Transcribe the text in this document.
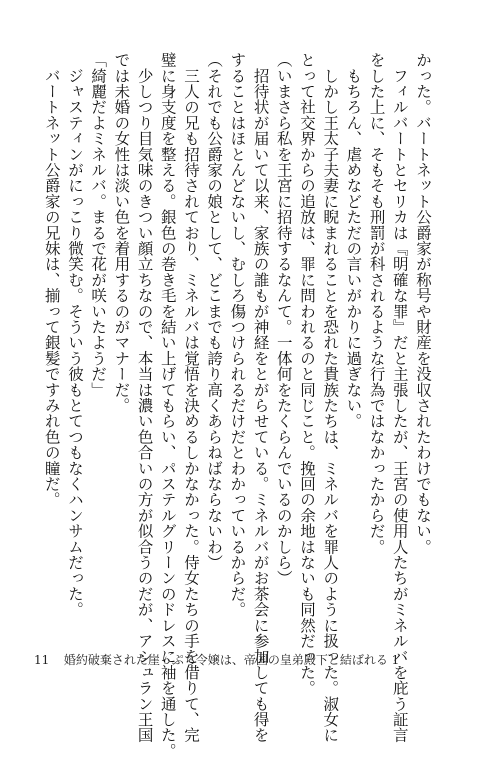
かった。バートネット公爵家が称号や財産を没収されたわけでもない。
　フィルバートとセリカは『明確な罪』だと主張したが、王宮の使用人たちがミネルバを庇う証言
をした上に、そもそも刑罰が科されるような行為ではなかったからだ。
　もちろん、虐めなどただの言いがかりに過ぎない。
　しかし王太子夫妻に睨まれることを恐れた貴族たちは、ミネルバを罪人のように扱った。淑女に
とって社交界からの追放は、罪に問われるのと同じこと。挽回の余地はないも同然だった。
（いまさら私を王宮に招待するなんて。一体何をたくらんでいるのかしら）
　招待状が届いて以来、家族の誰もが神経をとがらせている。ミネルバがお茶会に参加しても得を
することはほとんどないし、むしろ傷つけられるだけだとわかっているからだ。
（それでも公爵家の娘として、どこまでも誇り高くあらねばならないわ）
　三人の兄も招待されており、ミネルバは覚悟を決めるしかなかった。侍女たちの手を借りて、完
璧に身支度を整える。銀色の巻き毛を結い上げてもらい、パステルグリーンのドレスに袖を通した。
　少しつり目気味のきつい顔立ちなので、本当は濃い色合いの方が似合うのだが、アシュラン王国
では未婚の女性は淡い色を着用するのがマナーだ。
「綺麗だよミネルバ。まるで花が咲いたようだ」
　ジャスティンがにっこり微笑む。そういう彼もとてつもなくハンサムだった。
　バートネット公爵家の兄妹は、揃って銀髪ですみれ色の瞳だ。
11 婚約破棄された崖っぷち令嬢は、帝国の皇弟殿下と結ばれる 1
